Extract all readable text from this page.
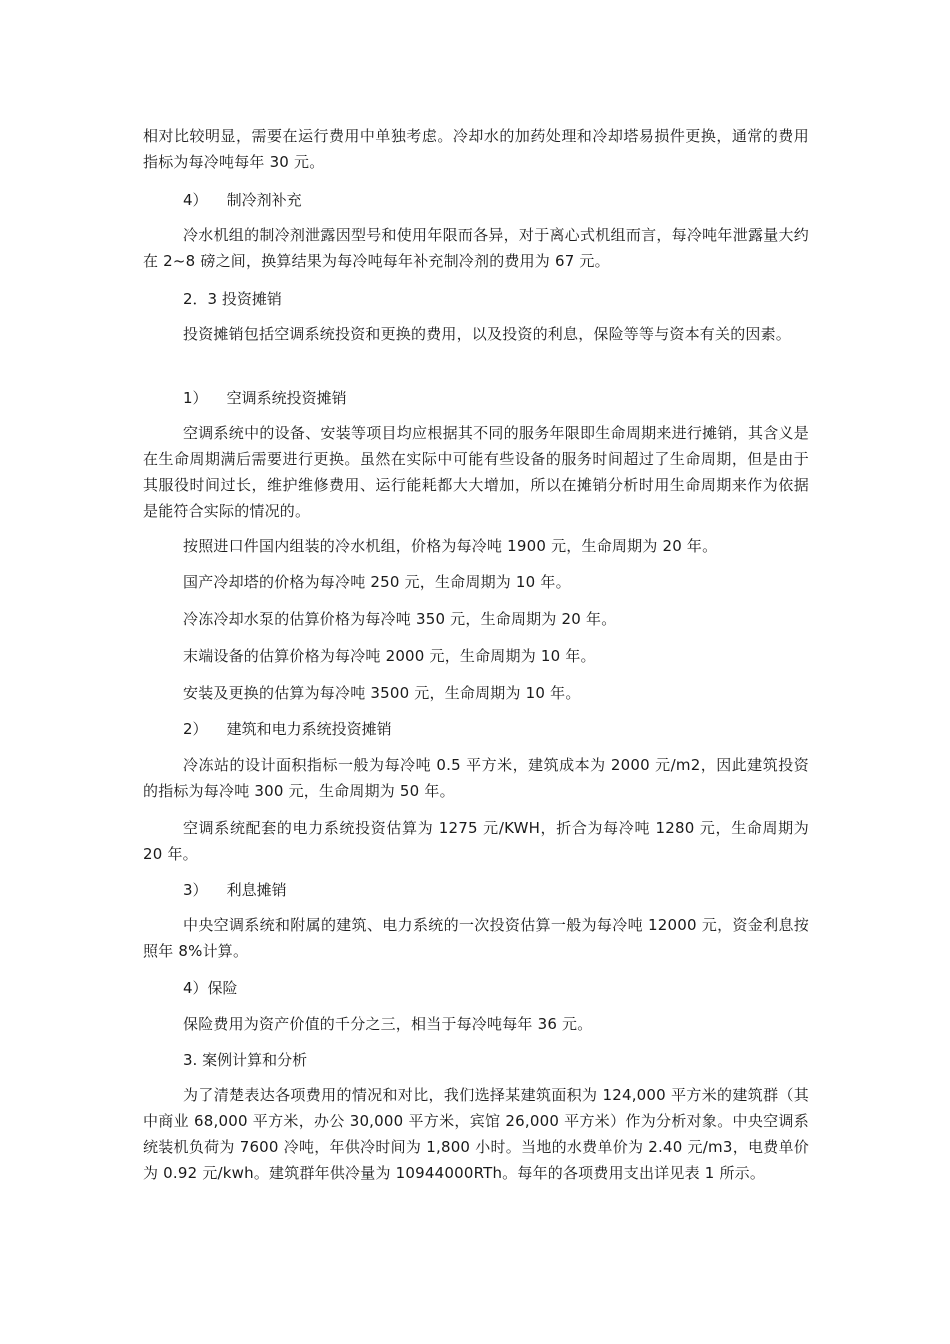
相对比较明显，需要在运行费用中单独考虑。冷却水的加药处理和冷却塔易损件更换，通常的费用指标为每冷吨每年 30 元。

4）    制冷剂补充

冷水机组的制冷剂泄露因型号和使用年限而各异，对于离心式机组而言，每冷吨年泄露量大约在 2~8 磅之间，换算结果为每冷吨每年补充制冷剂的费用为 67 元。

2．3 投资摊销

投资摊销包括空调系统投资和更换的费用，以及投资的利息，保险等等与资本有关的因素。

1）    空调系统投资摊销

空调系统中的设备、安装等项目均应根据其不同的服务年限即生命周期来进行摊销，其含义是在生命周期满后需要进行更换。虽然在实际中可能有些设备的服务时间超过了生命周期，但是由于其服役时间过长，维护维修费用、运行能耗都大大增加，所以在摊销分析时用生命周期来作为依据是能符合实际的情况的。

按照进口件国内组装的冷水机组，价格为每冷吨 1900 元，生命周期为 20 年。

国产冷却塔的价格为每冷吨 250 元，生命周期为 10 年。

冷冻冷却水泵的估算价格为每冷吨 350 元，生命周期为 20 年。

末端设备的估算价格为每冷吨 2000 元，生命周期为 10 年。

安装及更换的估算为每冷吨 3500 元，生命周期为 10 年。

2）    建筑和电力系统投资摊销

冷冻站的设计面积指标一般为每冷吨 0.5 平方米，建筑成本为 2000 元/m2，因此建筑投资的指标为每冷吨 300 元，生命周期为 50 年。

空调系统配套的电力系统投资估算为 1275 元/KWH，折合为每冷吨 1280 元，生命周期为 20 年。

3）    利息摊销

中央空调系统和附属的建筑、电力系统的一次投资估算一般为每冷吨 12000 元，资金利息按照年 8%计算。

4）保险

保险费用为资产价值的千分之三，相当于每冷吨每年 36 元。

3. 案例计算和分析

为了清楚表达各项费用的情况和对比，我们选择某建筑面积为 124,000 平方米的建筑群（其中商业 68,000 平方米，办公 30,000 平方米，宾馆 26,000 平方米）作为分析对象。中央空调系统装机负荷为 7600 冷吨，年供冷时间为 1,800 小时。当地的水费单价为 2.40 元/m3，电费单价为 0.92 元/kwh。建筑群年供冷量为 10944000RTh。每年的各项费用支出详见表 1 所示。
